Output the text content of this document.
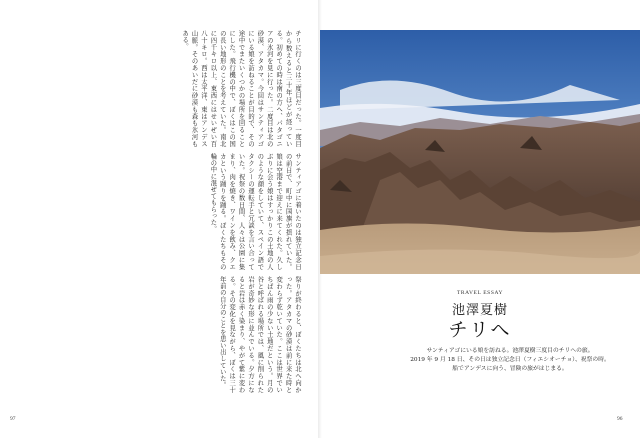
チリに行くのは三度目だった。一度目から数えると三十年ほどが経っている。初めての時は南の方へ、パタゴニアの氷河を見に行った。二度目は北の砂漠、アタカマ。今回はサンティアゴにいる娘を訪ねることが目的で、その途中でまたいくつかの場所を回ることにした。飛行機の中で、ぼくはこの国の長い地形のことを考えていた。南北に四千キロ以上、東西にはせいぜい百八十キロ。西は太平洋、東はアンデス山脈。そのあいだに砂漠も森も氷河もある。
サンティアゴに着いたのは独立記念日の前日で、町中に国旗が揺れていた。娘は空港まで迎えに来てくれた。久しぶりに会う娘はすっかりこの土地の人のような顔をしていて、スペイン語でタクシーの運転手と冗談を言い合っていた。祝祭の数日間、人々は公園に集まり、肉を焼き、ワインを飲み、クエカという踊りを踊る。ぼくたちもその輪の中に混ぜてもらった。
祭りが終わると、ぼくたちは北へ向かった。アタカマの砂漠は前に来た時と変わらず乾いていた。ここは世界でいちばん雨の少ない土地だという。月の谷と呼ばれる場所では、風に削られた岩が奇妙な形に並んでいる。夕方になると岩は赤く染まり、やがて紫に変わる。その変化を見ながら、ぼくは三十年前の自分のことを思い出していた。	TRAVEL ESSAY
池澤夏樹
チリへ
サンティアゴにいる娘を訪ねる。池澤夏樹三度目のチリへの旅。
2019 年 9 月 18 日、その日は独立記念日（フィエシオーチョ）、祝祭の時。
船でアンデスに向う、冒険の旅がはじまる。
97	96
